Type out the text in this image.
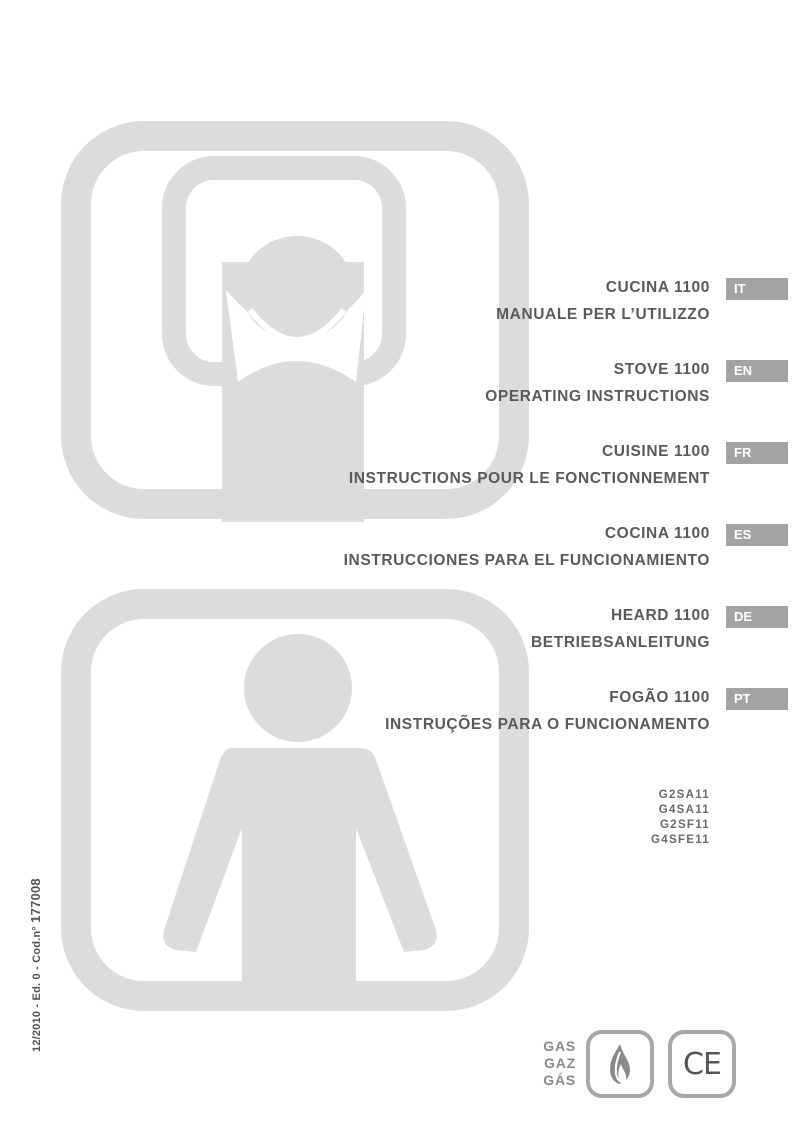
CUCINA 1100	IT
MANUALE PER L’UTILIZZO
STOVE 1100	EN
OPERATING INSTRUCTIONS
CUISINE 1100	FR
INSTRUCTIONS POUR LE FONCTIONNEMENT
COCINA 1100	ES
INSTRUCCIONES PARA EL FUNCIONAMIENTO
HEARD 1100	DE
BETRIEBSANLEITUNG
FOGÃO 1100	PT
INSTRUÇÕES PARA O FUNCIONAMENTO
G2SA11
G4SA11
G2SF11
G4SFE11
GAS
GAZ
GÁS	CE
12/2010 - Ed. 0 - Cod.n° 177008
